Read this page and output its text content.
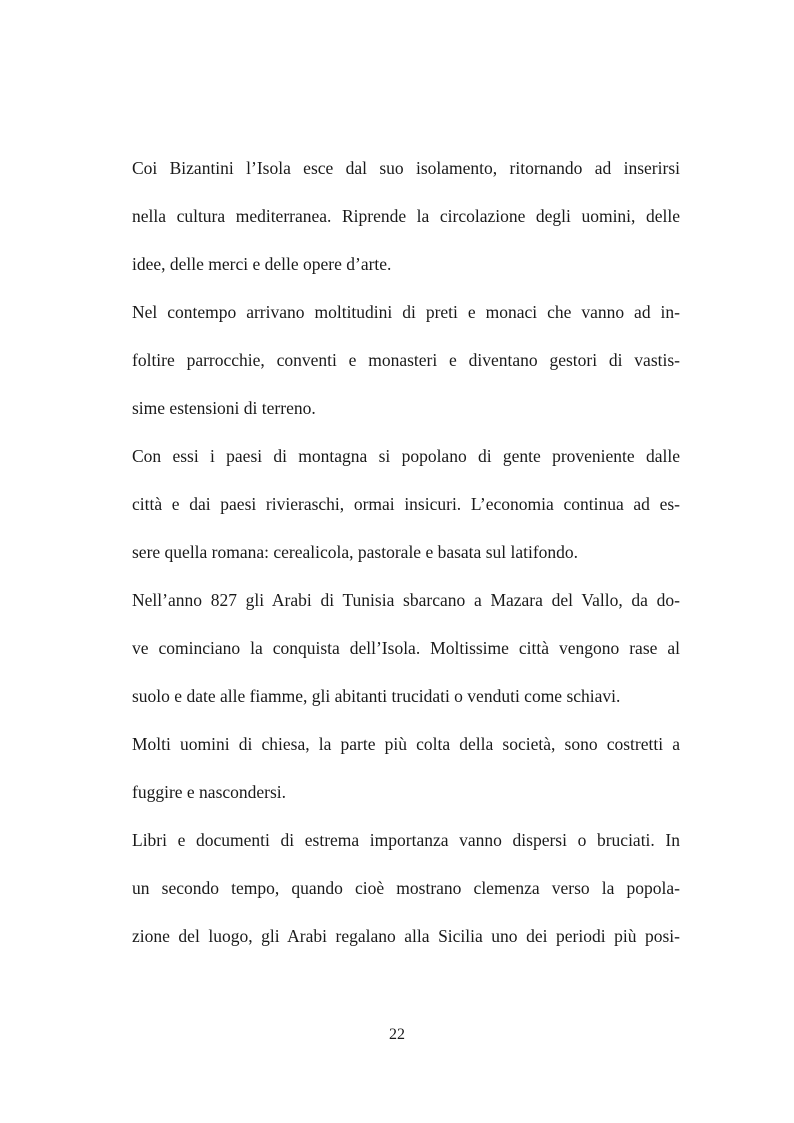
Coi Bizantini l’Isola esce dal suo isolamento, ritornando ad inserirsi
nella cultura mediterranea. Riprende la circolazione degli uomini, delle
idee, delle merci e delle opere d’arte.
Nel contempo arrivano moltitudini di preti e monaci che vanno ad in-
foltire parrocchie, conventi e monasteri e diventano gestori di vastis-
sime estensioni di terreno.
Con essi i paesi di montagna si popolano di gente proveniente dalle
città e dai paesi rivieraschi, ormai insicuri. L’economia continua ad es-
sere quella romana: cerealicola, pastorale e basata sul latifondo.
Nell’anno 827 gli Arabi di Tunisia sbarcano a Mazara del Vallo, da do-
ve cominciano la conquista dell’Isola. Moltissime città vengono rase al
suolo e date alle fiamme, gli abitanti trucidati o venduti come schiavi.
Molti uomini di chiesa, la parte più colta della società, sono costretti a
fuggire e nascondersi.
Libri e documenti di estrema importanza vanno dispersi o bruciati. In
un secondo tempo, quando cioè mostrano clemenza verso la popola-
zione del luogo, gli Arabi regalano alla Sicilia uno dei periodi più posi-
22
